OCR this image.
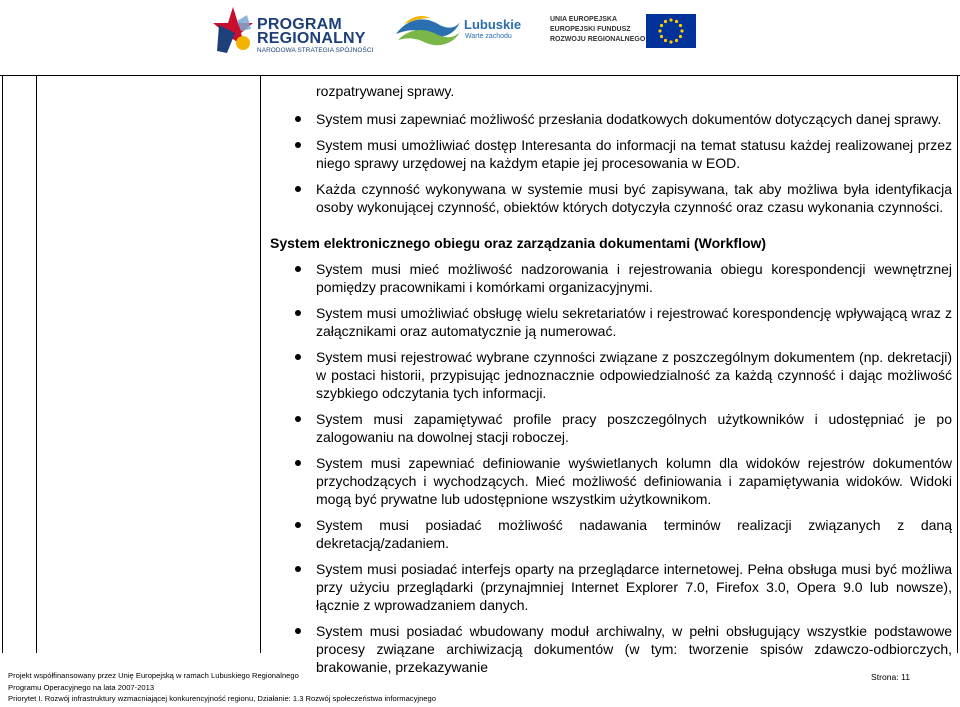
PROGRAM
REGIONALNY
NARODOWA STRATEGIA SPÓJNOŚCI
Lubuskie
Warte zachodu
UNIA EUROPEJSKA
EUROPEJSKI FUNDUSZ
ROZWOJU REGIONALNEGO
rozpatrywanej sprawy.
System musi zapewniać możliwość przesłania dodatkowych dokumentów dotyczących danej sprawy.
System musi umożliwiać dostęp Interesanta do informacji na temat statusu każdej realizowanej przez niego sprawy urzędowej na każdym etapie jej procesowania w EOD.
Każda czynność wykonywana w systemie musi być zapisywana, tak aby możliwa była identyfikacja osoby wykonującej czynność, obiektów których dotyczyła czynność oraz czasu wykonania czynności.
System elektronicznego obiegu oraz zarządzania dokumentami (Workflow)
System musi mieć możliwość nadzorowania i rejestrowania obiegu korespondencji wewnętrznej pomiędzy pracownikami i komórkami organizacyjnymi.
System musi umożliwiać obsługę wielu sekretariatów i rejestrować korespondencję wpływającą wraz z załącznikami oraz automatycznie ją numerować.
System musi rejestrować wybrane czynności związane z poszczególnym dokumentem (np. dekretacji) w postaci historii, przypisując jednoznacznie odpowiedzialność za każdą czynność i dając możliwość szybkiego odczytania tych informacji.
System musi zapamiętywać profile pracy poszczególnych użytkowników i udostępniać je po zalogowaniu na dowolnej stacji roboczej.
System musi zapewniać definiowanie wyświetlanych kolumn dla widoków rejestrów dokumentów przychodzących i wychodzących. Mieć możliwość definiowania i zapamiętywania widoków. Widoki mogą być prywatne lub udostępnione wszystkim użytkownikom.
System musi posiadać możliwość nadawania terminów realizacji związanych z daną dekretacją/zadaniem.
System musi posiadać interfejs oparty na przeglądarce internetowej. Pełna obsługa musi być możliwa przy użyciu przeglądarki (przynajmniej Internet Explorer 7.0, Firefox 3.0, Opera 9.0 lub nowsze), łącznie z wprowadzaniem danych.
System musi posiadać wbudowany moduł archiwalny, w pełni obsługujący wszystkie podstawowe procesy związane archiwizacją dokumentów (w tym: tworzenie spisów zdawczo-odbiorczych, brakowanie, przekazywanie
Projekt współfinansowany przez Unię Europejską w ramach Lubuskiego Regionalnego
Programu Operacyjnego na lata 2007-2013
Priorytet I. Rozwój infrastruktury wzmacniającej konkurencyjność regionu, Działanie: 1.3 Rozwój społeczeństwa informacyjnego
Strona: 11
